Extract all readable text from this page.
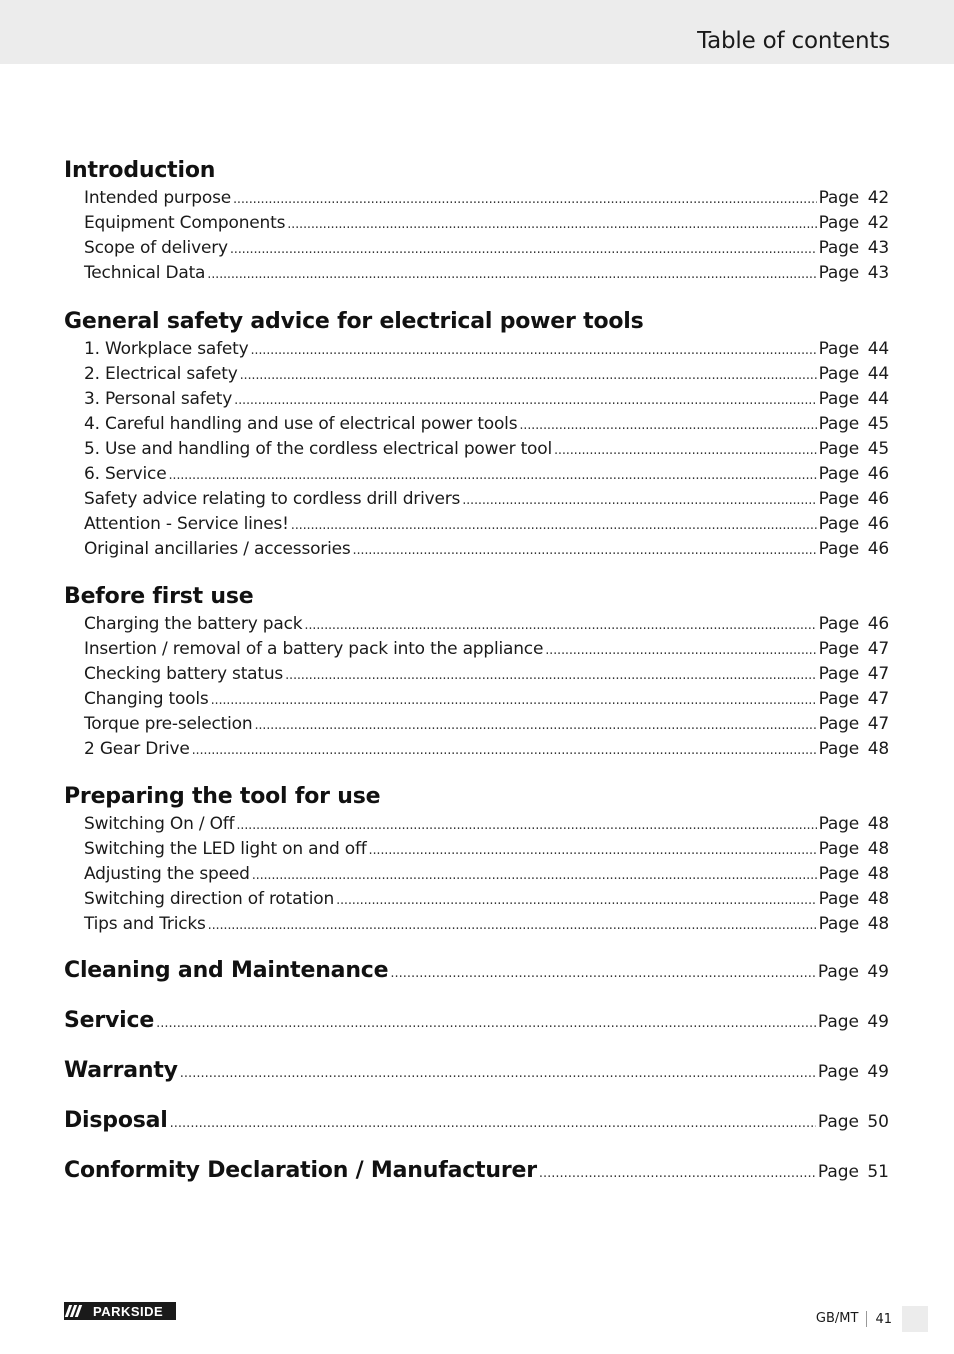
Table of contents
Introduction
Intended purpose .....	Page 42
Equipment Components .....	Page 42
Scope of delivery .....	Page 43
Technical Data .....	Page 43
General safety advice for electrical power tools
1. Workplace safety .....	Page 44
2. Electrical safety .....	Page 44
3. Personal safety .....	Page 44
4. Careful handling and use of electrical power tools .....	Page 45
5. Use and handling of the cordless electrical power tool .....	Page 45
6. Service .....	Page 46
Safety advice relating to cordless drill drivers .....	Page 46
Attention - Service lines! .....	Page 46
Original ancillaries / accessories .....	Page 46
Before first use
Charging the battery pack .....	Page 46
Insertion / removal of a battery pack into the appliance .....	Page 47
Checking battery status .....	Page 47
Changing tools .....	Page 47
Torque pre-selection .....	Page 47
2 Gear Drive .....	Page 48
Preparing the tool for use
Switching On / Off .....	Page 48
Switching the LED light on and off .....	Page 48
Adjusting the speed .....	Page 48
Switching direction of rotation .....	Page 48
Tips and Tricks .....	Page 48
Cleaning and Maintenance .....	Page 49
Service .....	Page 49
Warranty .....	Page 49
Disposal .....	Page 50
Conformity Declaration / Manufacturer .....	Page 51
PARKSIDE	GB/MT	41
